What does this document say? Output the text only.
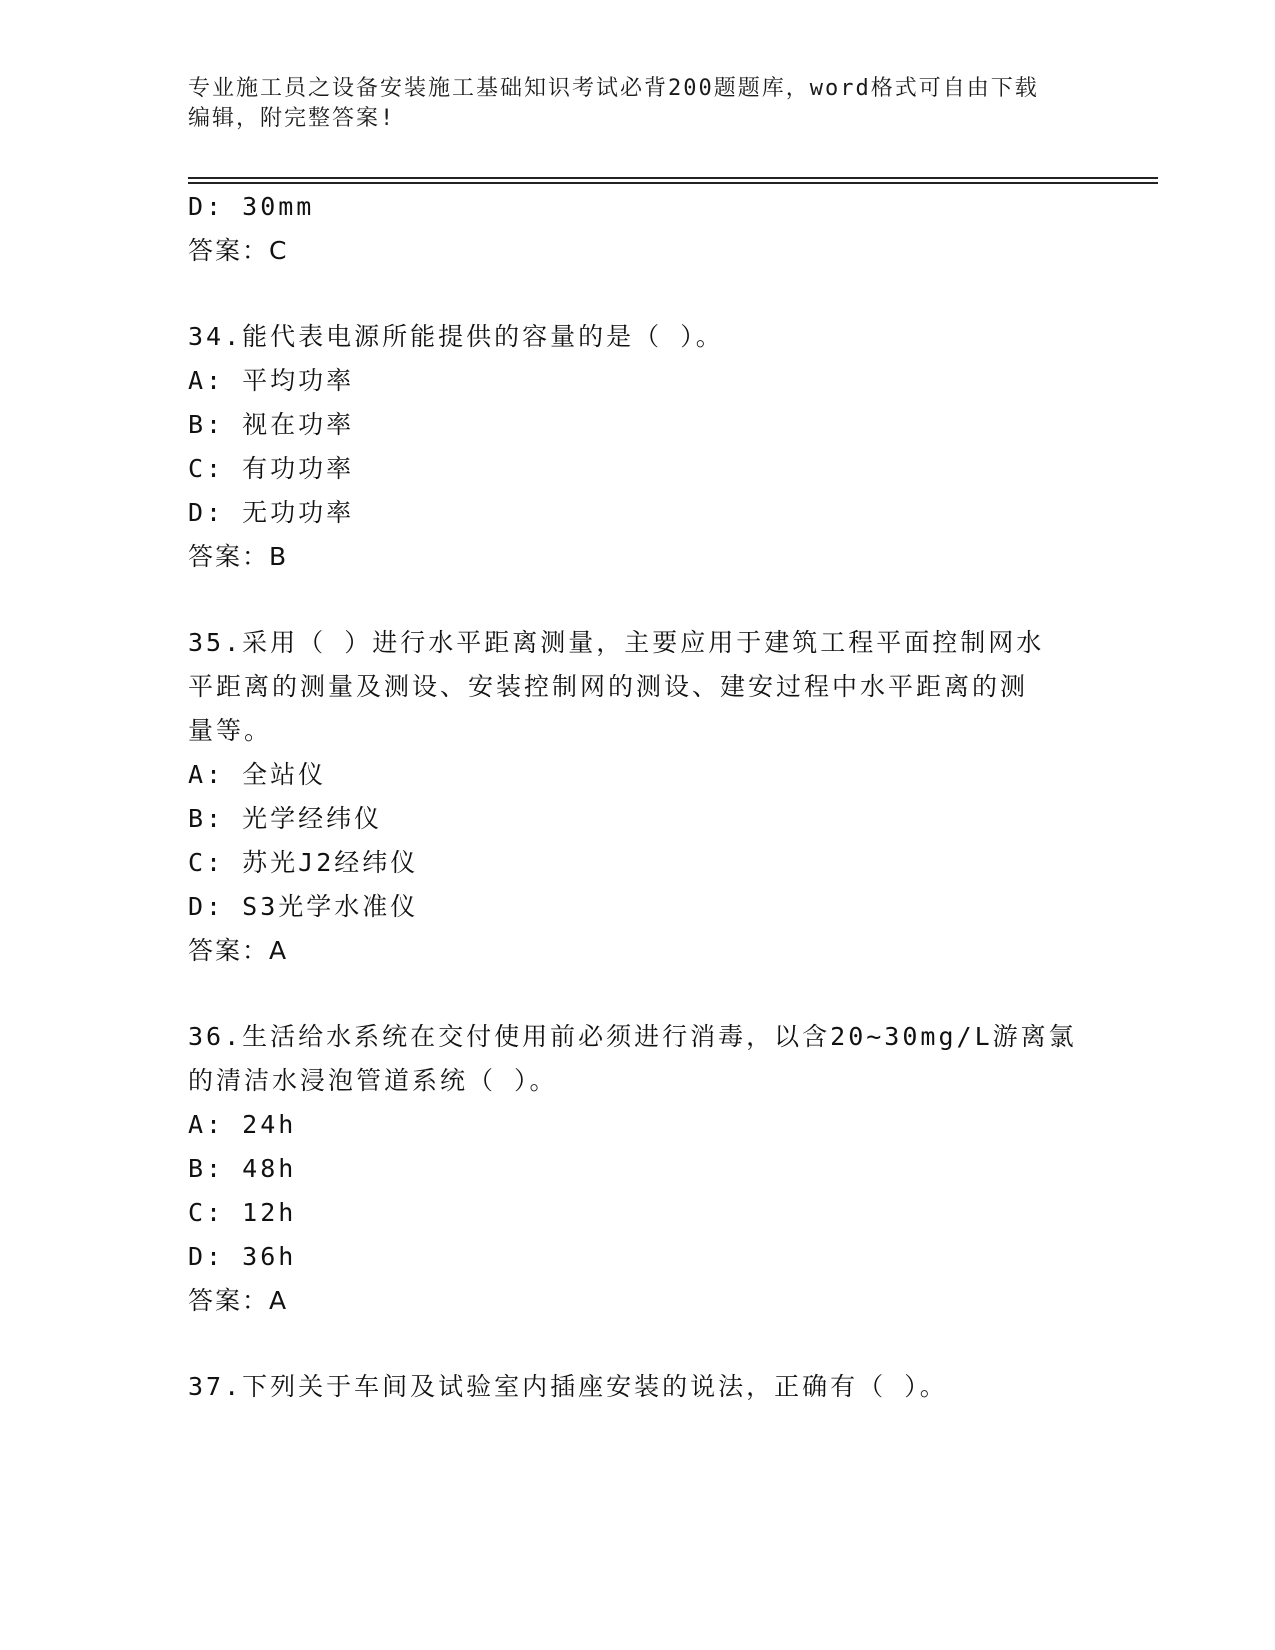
专业施工员之设备安装施工基础知识考试必背200题题库，word格式可自由下载
编辑，附完整答案!
D: 30mm
答案：C
34.能代表电源所能提供的容量的是（ ）。
A: 平均功率
B: 视在功率
C: 有功功率
D: 无功功率
答案：B
35.采用（ ）进行水平距离测量，主要应用于建筑工程平面控制网水
平距离的测量及测设、安装控制网的测设、建安过程中水平距离的测
量等。
A: 全站仪
B: 光学经纬仪
C: 苏光J2经纬仪
D: S3光学水准仪
答案：A
36.生活给水系统在交付使用前必须进行消毒，以含20~30mg/L游离氯
的清洁水浸泡管道系统（ ）。
A: 24h
B: 48h
C: 12h
D: 36h
答案：A
37.下列关于车间及试验室内插座安装的说法，正确有（ ）。
